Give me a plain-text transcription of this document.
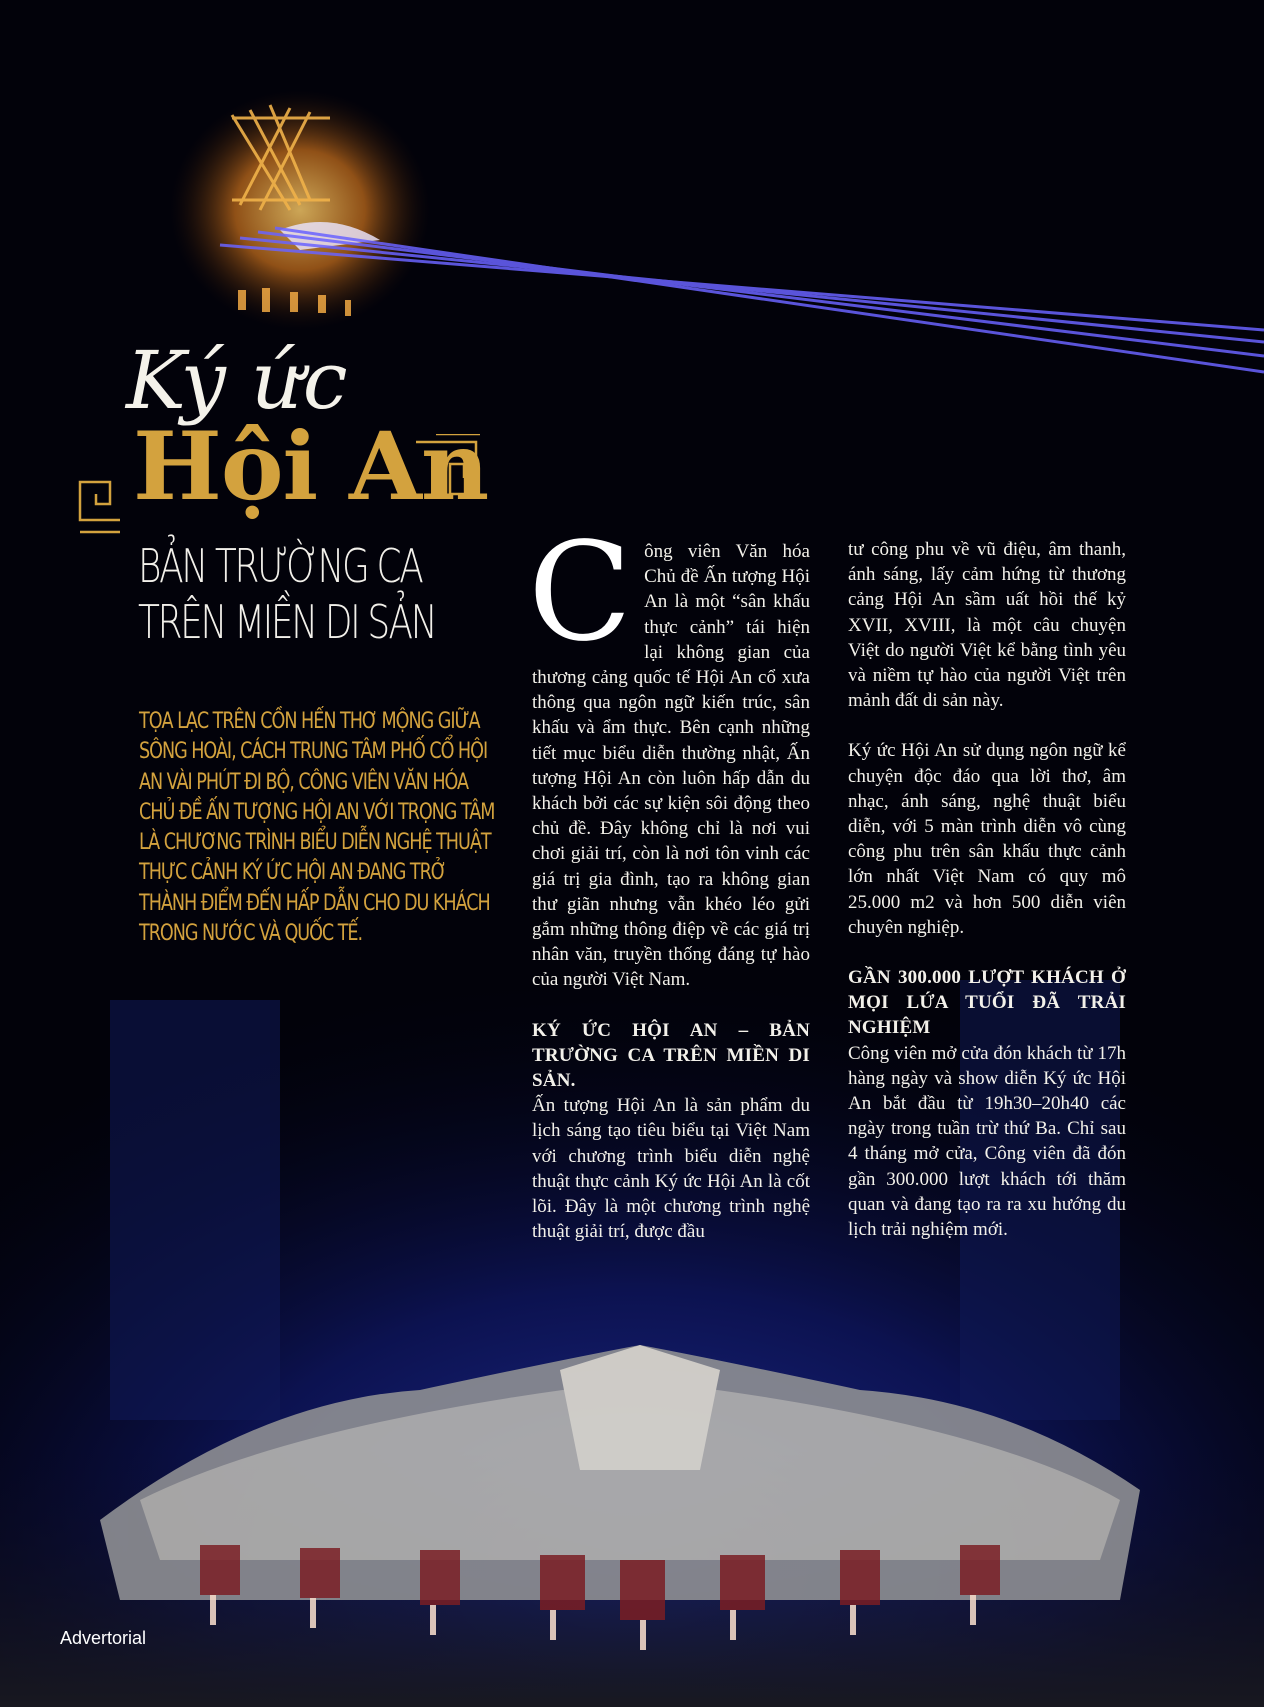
Ký ức
Hội An
BẢN TRƯỜNG CA
TRÊN MIỀN DI SẢN
TỌA LẠC TRÊN CỒN HẾN THƠ MỘNG GIỮA SÔNG HOÀI, CÁCH TRUNG TÂM PHỐ CỔ HỘI AN VÀI PHÚT ĐI BỘ, CÔNG VIÊN VĂN HÓA CHỦ ĐỀ ẤN TƯỢNG HỘI AN VỚI TRỌNG TÂM LÀ CHƯƠNG TRÌNH BIỂU DIỄN NGHỆ THUẬT THỰC CẢNH KÝ ỨC HỘI AN ĐANG TRỞ THÀNH ĐIỂM ĐẾN HẤP DẪN CHO DU KHÁCH TRONG NƯỚC VÀ QUỐC TẾ.
C ông viên Văn hóa Chủ đề Ấn tượng Hội An là một “sân khấu thực cảnh” tái hiện lại không gian của thương cảng quốc tế Hội An cổ xưa thông qua ngôn ngữ kiến trúc, sân khấu và ẩm thực. Bên cạnh những tiết mục biểu diễn thường nhật, Ấn tượng Hội An còn luôn hấp dẫn du khách bởi các sự kiện sôi động theo chủ đề. Đây không chỉ là nơi vui chơi giải trí, còn là nơi tôn vinh các giá trị gia đình, tạo ra không gian thư giãn nhưng vẫn khéo léo gửi gắm những thông điệp về các giá trị nhân văn, truyền thống đáng tự hào của người Việt Nam.

KÝ ỨC HỘI AN – BẢN TRƯỜNG CA TRÊN MIỀN DI SẢN.

Ấn tượng Hội An là sản phẩm du lịch sáng tạo tiêu biểu tại Việt Nam với chương trình biểu diễn nghệ thuật thực cảnh Ký ức Hội An là cốt lõi. Đây là một chương trình nghệ thuật giải trí, được đầu

tư công phu về vũ điệu, âm thanh, ánh sáng, lấy cảm hứng từ thương cảng Hội An sầm uất hồi thế kỷ XVII, XVIII, là một câu chuyện Việt do người Việt kể bằng tình yêu và niềm tự hào của người Việt trên mảnh đất di sản này.

Ký ức Hội An sử dụng ngôn ngữ kể chuyện độc đáo qua lời thơ, âm nhạc, ánh sáng, nghệ thuật biểu diễn, với 5 màn trình diễn vô cùng công phu trên sân khấu thực cảnh lớn nhất Việt Nam có quy mô 25.000 m2 và hơn 500 diễn viên chuyên nghiệp.

GẦN 300.000 LƯỢT KHÁCH Ở MỌI LỨA TUỔI ĐÃ TRẢI NGHIỆM

Công viên mở cửa đón khách từ 17h hàng ngày và show diễn Ký ức Hội An bắt đầu từ 19h30–20h40 các ngày trong tuần trừ thứ Ba. Chỉ sau 4 tháng mở cửa, Công viên đã đón gần 300.000 lượt khách tới thăm quan và đang tạo ra ra xu hướng du lịch trải nghiệm mới.

Advertorial
